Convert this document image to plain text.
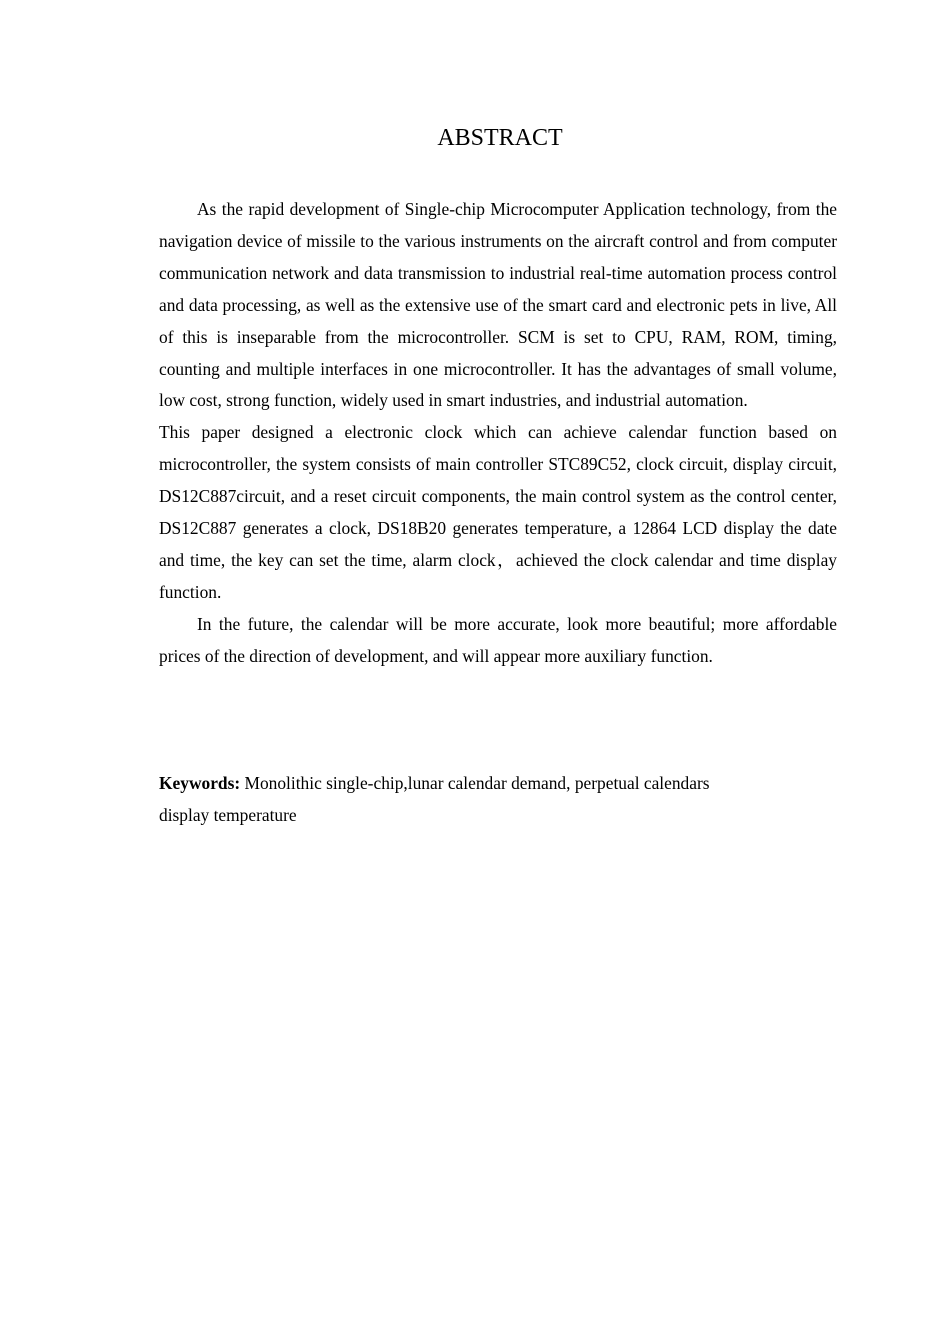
ABSTRACT

As the rapid development of Single-chip Microcomputer Application technology, from the navigation device of missile to the various instruments on the aircraft control and from computer communication network and data transmission to industrial real-time automation process control and data processing, as well as the extensive use of the smart card and electronic pets in live, All of this is inseparable from the microcontroller. SCM is set to CPU, RAM, ROM, timing, counting and multiple interfaces in one microcontroller. It has the advantages of small volume, low cost, strong function, widely used in smart industries, and industrial automation.

This paper designed a electronic clock which can achieve calendar function based on microcontroller, the system consists of main controller STC89C52, clock circuit, display circuit, DS12C887circuit, and a reset circuit components, the main control system as the control center, DS12C887 generates a clock, DS18B20 generates temperature, a 12864 LCD display the date and time, the key can set the time, alarm clock，achieved the clock calendar and time display function.

In the future, the calendar will be more accurate, look more beautiful; more affordable prices of the direction of development, and will appear more auxiliary function.

Keywords: Monolithic single-chip,lunar calendar demand, perpetual calendars

display temperature
